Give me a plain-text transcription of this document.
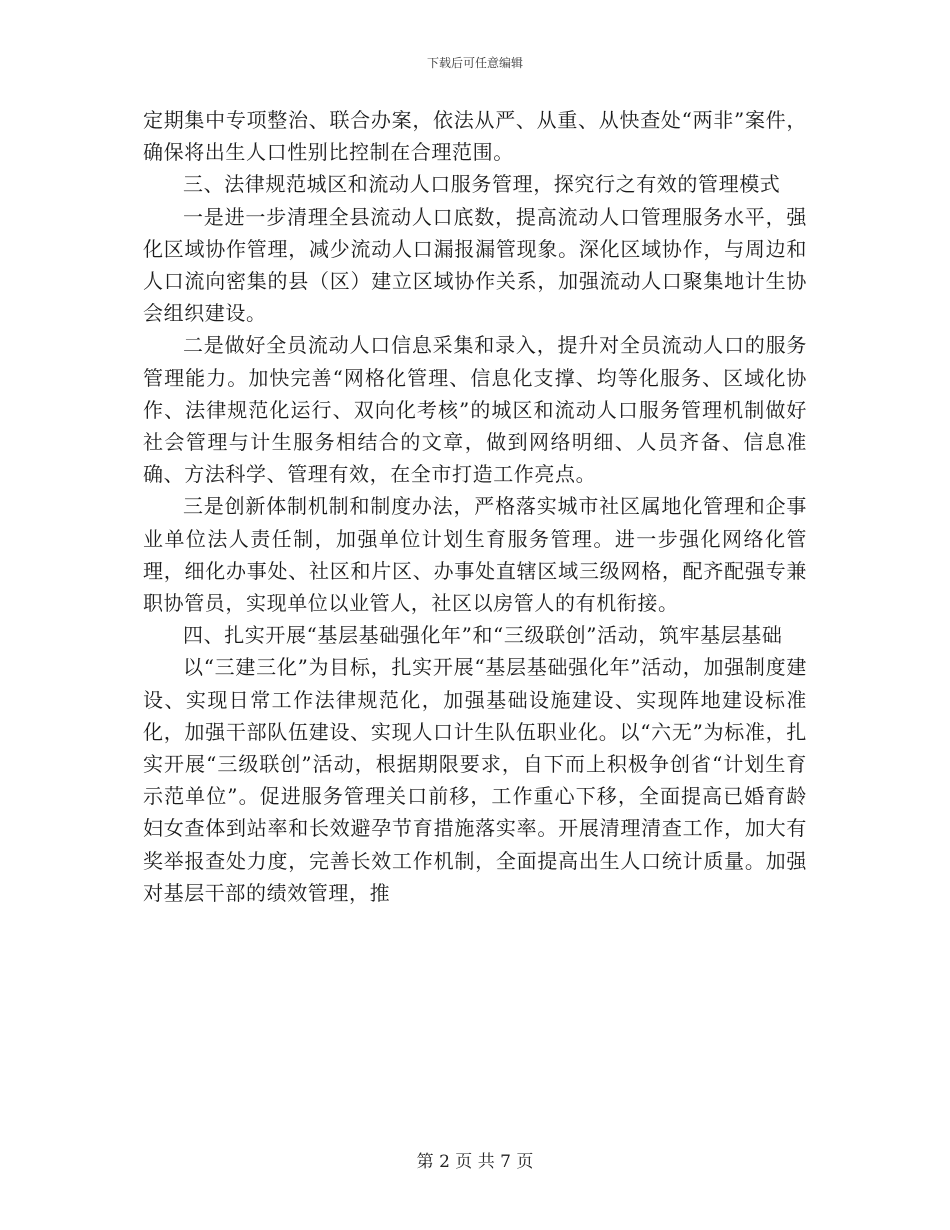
下载后可任意编辑

定期集中专项整治、联合办案，依法从严、从重、从快查处“两非”案件，确保将出生人口性别比控制在合理范围。

三、法律规范城区和流动人口服务管理，探究行之有效的管理模式

一是进一步清理全县流动人口底数，提高流动人口管理服务水平，强化区域协作管理，减少流动人口漏报漏管现象。深化区域协作，与周边和人口流向密集的县（区）建立区域协作关系，加强流动人口聚集地计生协会组织建设。

二是做好全员流动人口信息采集和录入，提升对全员流动人口的服务管理能力。加快完善“网格化管理、信息化支撑、均等化服务、区域化协作、法律规范化运行、双向化考核”的城区和流动人口服务管理机制做好社会管理与计生服务相结合的文章，做到网络明细、人员齐备、信息准确、方法科学、管理有效，在全市打造工作亮点。

三是创新体制机制和制度办法，严格落实城市社区属地化管理和企事业单位法人责任制，加强单位计划生育服务管理。进一步强化网络化管理，细化办事处、社区和片区、办事处直辖区域三级网格，配齐配强专兼职协管员，实现单位以业管人，社区以房管人的有机衔接。

四、扎实开展“基层基础强化年”和“三级联创”活动，筑牢基层基础

以“三建三化”为目标，扎实开展“基层基础强化年”活动，加强制度建设、实现日常工作法律规范化，加强基础设施建设、实现阵地建设标准化，加强干部队伍建设、实现人口计生队伍职业化。以“六无”为标准，扎实开展“三级联创”活动，根据期限要求，自下而上积极争创省“计划生育示范单位”。促进服务管理关口前移，工作重心下移，全面提高已婚育龄妇女查体到站率和长效避孕节育措施落实率。开展清理清查工作，加大有奖举报查处力度，完善长效工作机制，全面提高出生人口统计质量。加强对基层干部的绩效管理，推

第 2 页 共 7 页
